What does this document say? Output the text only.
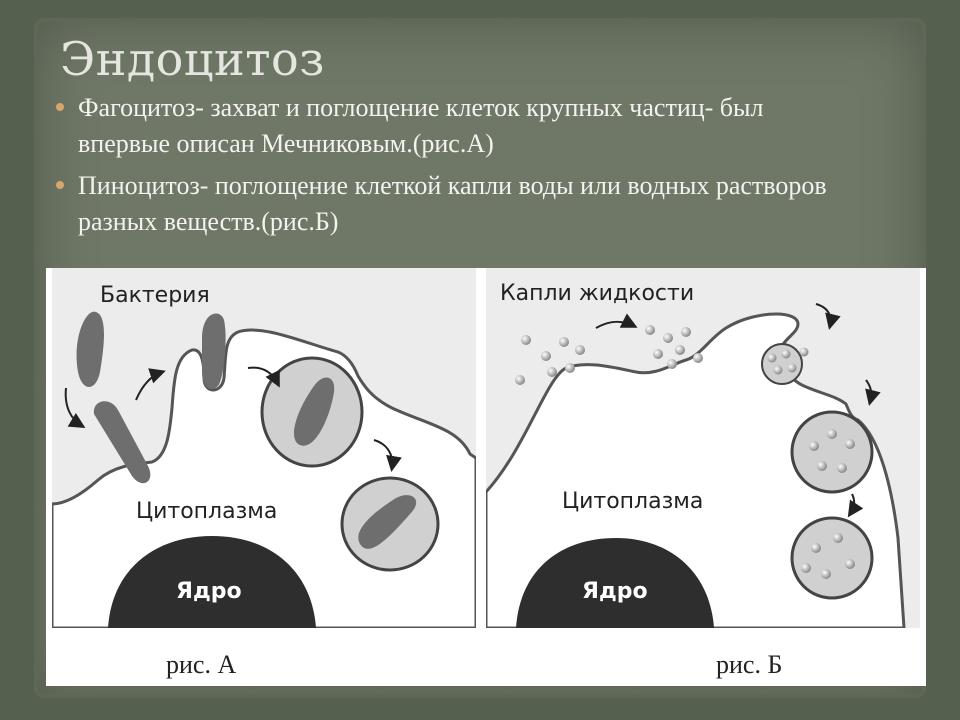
Эндоцитоз
Фагоцитоз- захват и поглощение клеток крупных частиц- был впервые описан Мечниковым.(рис.А)
Пиноцитоз- поглощение клеткой капли воды или водных растворов разных веществ.(рис.Б)
Бактерия
Цитоплазма
Ядро
Капли жидкости
Цитоплазма
Ядро
рис. А	рис. Б
